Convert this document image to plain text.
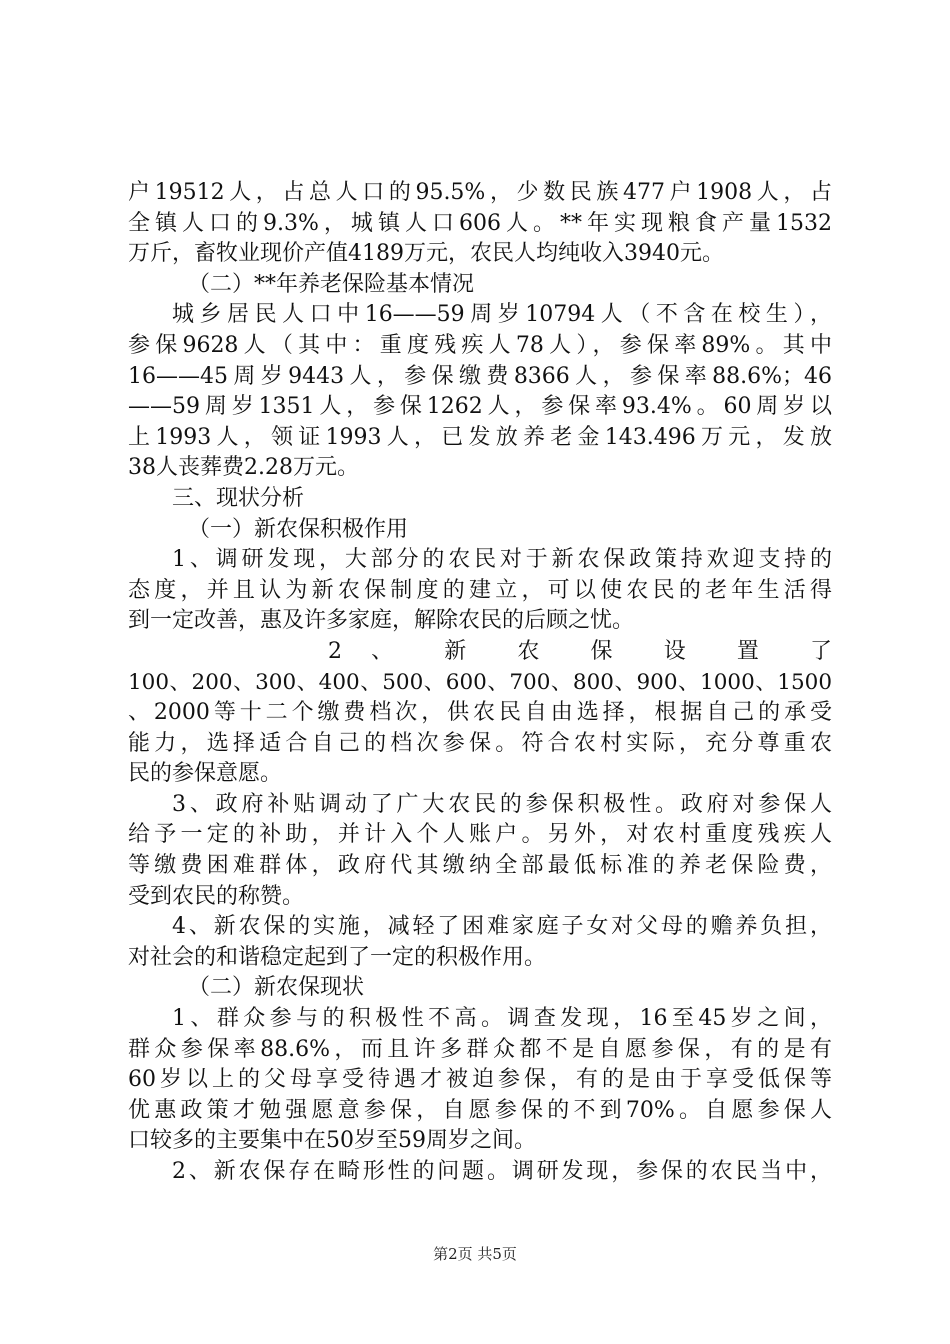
户19512人，占总人口的95.5%，少数民族477户1908人，占
全镇人口的9.3%，城镇人口606人。**年实现粮食产量1532
万斤，畜牧业现价产值4189万元，农民人均纯收入3940元。
（二）**年养老保险基本情况
城乡居民人口中16——59周岁10794人（不含在校生），
参保9628人（其中：重度残疾人78人），参保率89%。其中
16——45周岁9443人，参保缴费8366人，参保率88.6%；46
——59周岁1351人，参保1262人，参保率93.4%。60周岁以
上1993人，领证1993人，已发放养老金143.496万元，发放
38人丧葬费2.28万元。
三、现状分析
（一）新农保积极作用
1、调研发现，大部分的农民对于新农保政策持欢迎支持的
态度，并且认为新农保制度的建立，可以使农民的老年生活得
到一定改善，惠及许多家庭，解除农民的后顾之忧。
2 、 新 农 保 设 置 了
100、200、300、400、500、600、700、800、900、1000、1500
、2000等十二个缴费档次，供农民自由选择，根据自己的承受
能力，选择适合自己的档次参保。符合农村实际，充分尊重农
民的参保意愿。
3、政府补贴调动了广大农民的参保积极性。政府对参保人
给予一定的补助，并计入个人账户。另外，对农村重度残疾人
等缴费困难群体，政府代其缴纳全部最低标准的养老保险费，
受到农民的称赞。
4、新农保的实施，减轻了困难家庭子女对父母的赡养负担，
对社会的和谐稳定起到了一定的积极作用。
（二）新农保现状
1、群众参与的积极性不高。调查发现，16至45岁之间，
群众参保率88.6%，而且许多群众都不是自愿参保，有的是有
60岁以上的父母享受待遇才被迫参保，有的是由于享受低保等
优惠政策才勉强愿意参保，自愿参保的不到70%。自愿参保人
口较多的主要集中在50岁至59周岁之间。
2、新农保存在畸形性的问题。调研发现，参保的农民当中，
第2页 共5页
